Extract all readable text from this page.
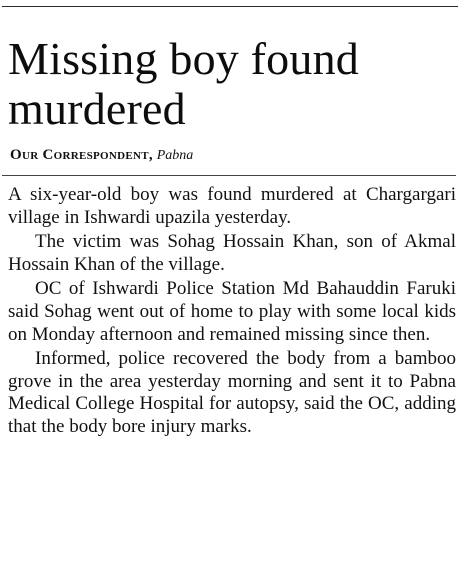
Missing boy found murdered
Our Correspondent, Pabna

A six-year-old boy was found murdered at Chargargari village in Ishwardi upazila yesterday.

The victim was Sohag Hossain Khan, son of Akmal Hossain Khan of the village.

OC of Ishwardi Police Station Md Bahauddin Faruki said Sohag went out of home to play with some local kids on Monday afternoon and remained missing since then.

Informed, police recovered the body from a bamboo grove in the area yesterday morning and sent it to Pabna Medical College Hospital for autopsy, said the OC, adding that the body bore injury marks.
